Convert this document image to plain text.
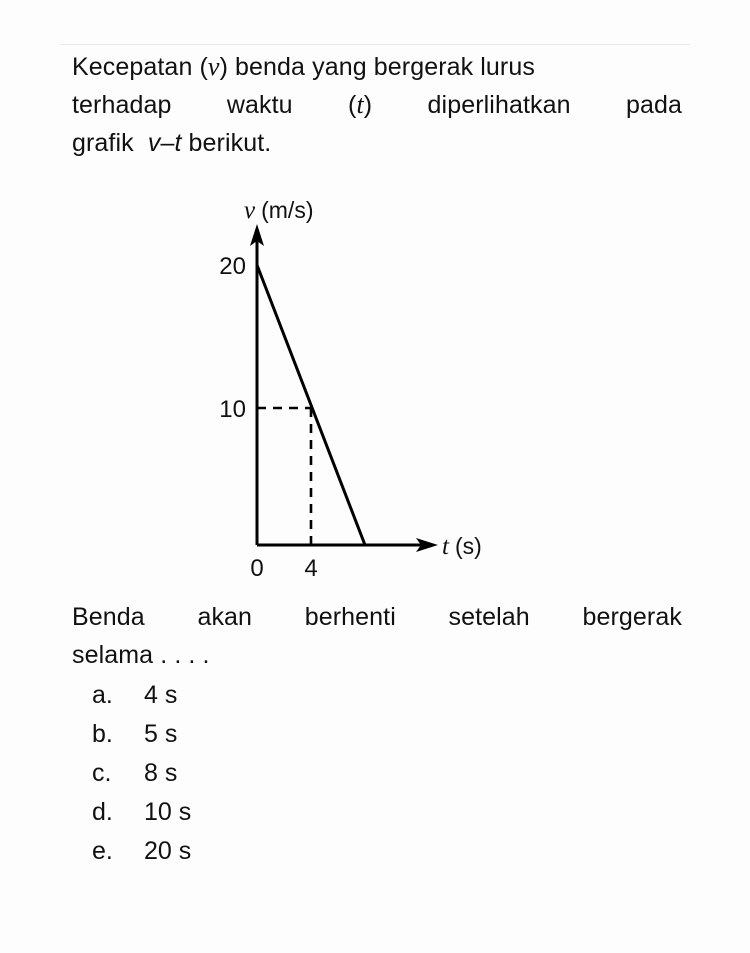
Kecepatan (v) benda yang bergerak lurus
terhadap waktu (t) diperlihatkan pada
grafik v–t berikut.
v (m/s)
t (s)
20
10
0 4
Benda akan berhenti setelah bergerak
selama . . . .
a.	4 s
b.	5 s
c.	8 s
d.	10 s
e.	20 s
